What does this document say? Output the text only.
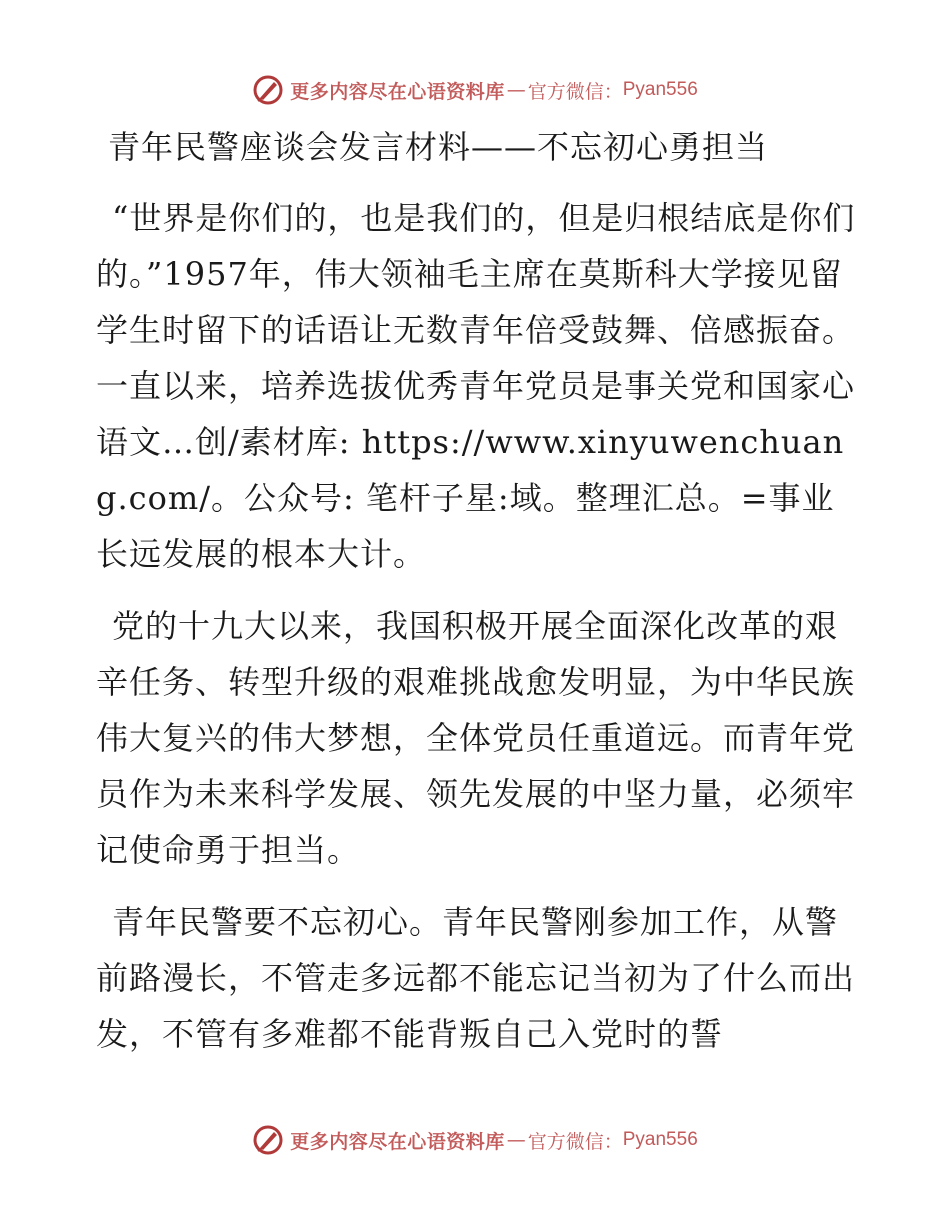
更多内容尽在心语资料库 — 官方微信： Pyan556
青年民警座谈会发言材料——不忘初心勇担当

“世界是你们的，也是我们的，但是归根结底是你们的。”1957年，伟大领袖毛主席在莫斯科大学接见留学生时留下的话语让无数青年倍受鼓舞、倍感振奋。一直以来，培养选拔优秀青年党员是事关党和国家心语文…创/素材库: https://www.xinyuwenchuang.com/。公众号: 笔杆子星:域。整理汇总。=事业长远发展的根本大计。

党的十九大以来，我国积极开展全面深化改革的艰辛任务、转型升级的艰难挑战愈发明显，为中华民族伟大复兴的伟大梦想，全体党员任重道远。而青年党员作为未来科学发展、领先发展的中坚力量，必须牢记使命勇于担当。

青年民警要不忘初心。青年民警刚参加工作，从警前路漫长，不管走多远都不能忘记当初为了什么而出发，不管有多难都不能背叛自己入党时的誓

更多内容尽在心语资料库 — 官方微信： Pyan556
